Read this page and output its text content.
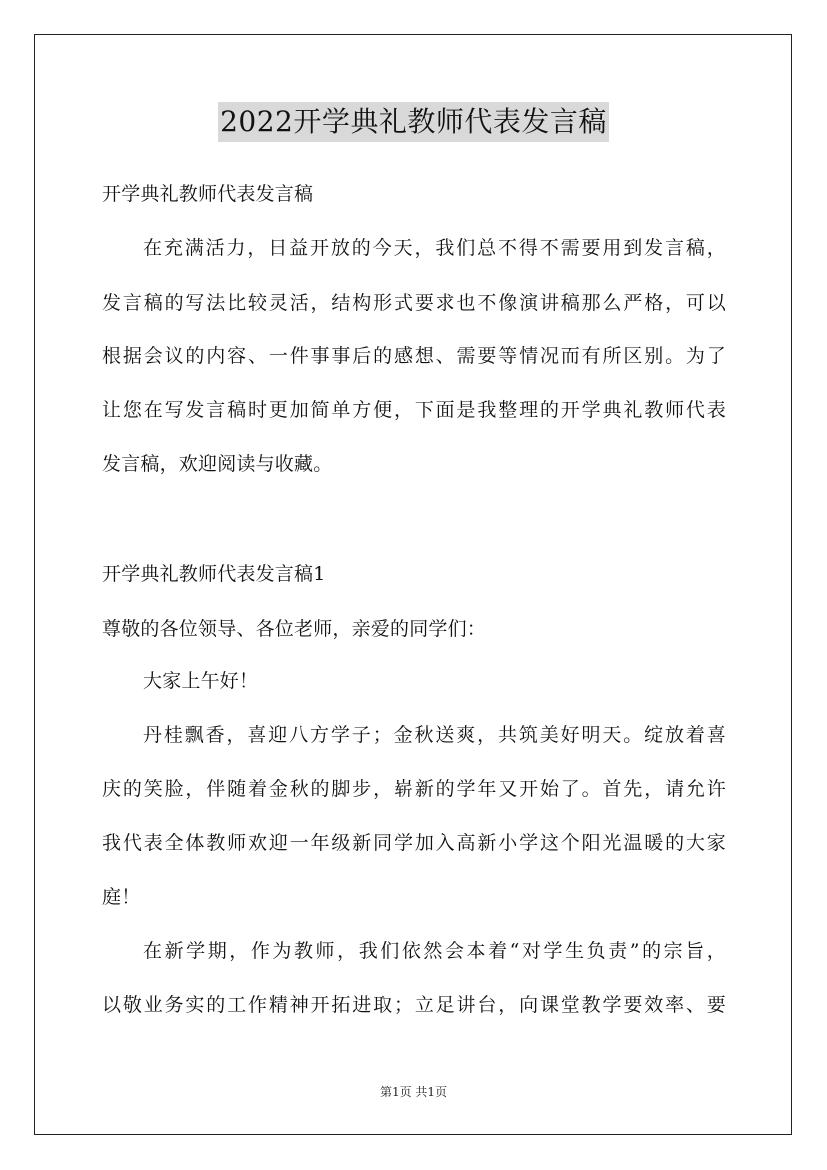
2022开学典礼教师代表发言稿
开学典礼教师代表发言稿
在充满活力，日益开放的今天，我们总不得不需要用到发言稿，
发言稿的写法比较灵活，结构形式要求也不像演讲稿那么严格，可以
根据会议的内容、一件事事后的感想、需要等情况而有所区别。为了
让您在写发言稿时更加简单方便，下面是我整理的开学典礼教师代表
发言稿，欢迎阅读与收藏。
开学典礼教师代表发言稿1
尊敬的各位领导、各位老师，亲爱的同学们：
大家上午好！
丹桂飘香，喜迎八方学子；金秋送爽，共筑美好明天。绽放着喜
庆的笑脸，伴随着金秋的脚步，崭新的学年又开始了。首先，请允许
我代表全体教师欢迎一年级新同学加入高新小学这个阳光温暖的大家
庭！
在新学期，作为教师，我们依然会本着“对学生负责”的宗旨，
以敬业务实的工作精神开拓进取；立足讲台，向课堂教学要效率、要
第1页 共1页
